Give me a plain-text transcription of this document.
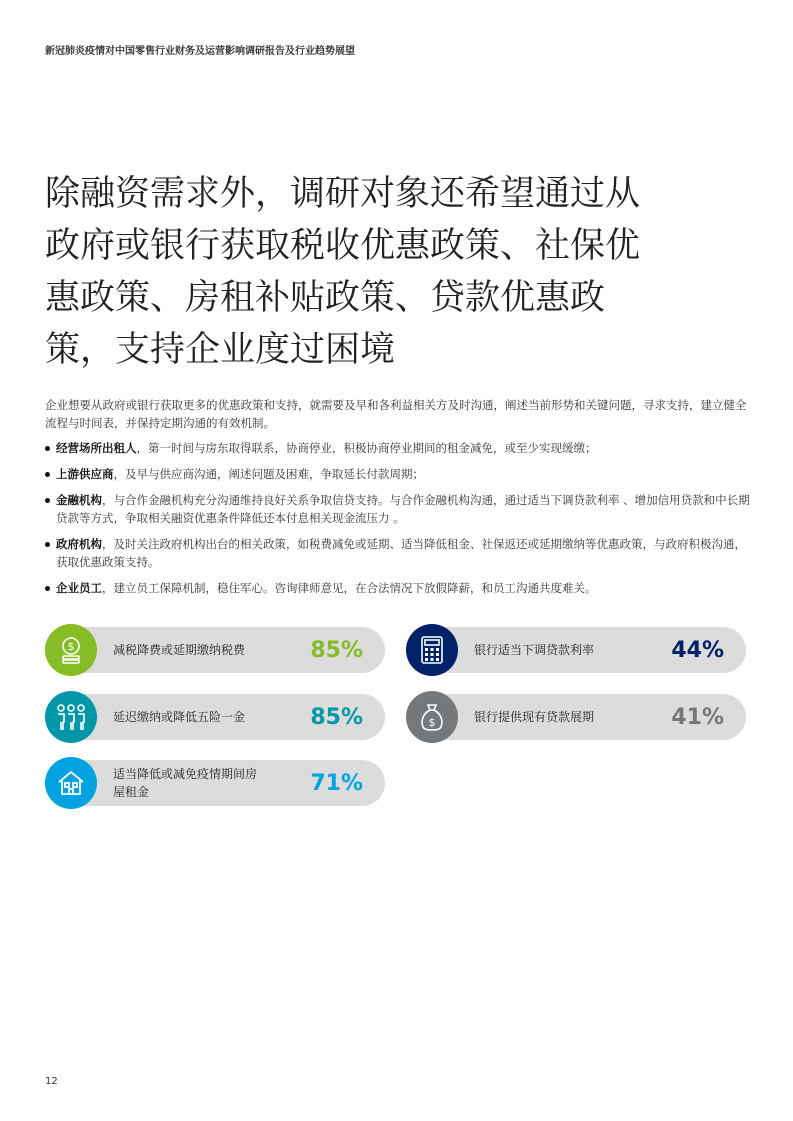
新冠肺炎疫情对中国零售行业财务及运营影响调研报告及行业趋势展望
除融资需求外，调研对象还希望通过从
政府或银行获取税收优惠政策、社保优
惠政策、房租补贴政策、贷款优惠政
策，支持企业度过困境

企业想要从政府或银行获取更多的优惠政策和支持，就需要及早和各利益相关方及时沟通，阐述当前形势和关键问题，寻求支持，建立健全流程与时间表，并保持定期沟通的有效机制。

经营场所出租人，第一时间与房东取得联系，协商停业，积极协商停业期间的租金减免，或至少实现缓缴；
上游供应商，及早与供应商沟通，阐述问题及困难，争取延长付款周期；
金融机构，与合作金融机构充分沟通维持良好关系争取信贷支持。与合作金融机构沟通，通过适当下调贷款利率 、增加信用贷款和中长期贷款等方式，争取相关融资优惠条件降低还本付息相关现金流压力 。
政府机构，及时关注政府机构出台的相关政策，如税费减免或延期、适当降低租金、社保返还或延期缴纳等优惠政策，与政府积极沟通，获取优惠政策支持。
企业员工，建立员工保障机制，稳住军心。咨询律师意见，在合法情况下放假降薪，和员工沟通共度难关。
$	减税降费或延期缴纳税费	85%	银行适当下调贷款利率	44%
延迟缴纳或降低五险一金	85%	$	银行提供现有贷款展期	41%
适当降低或减免疫情期间房屋租金	71%
12
